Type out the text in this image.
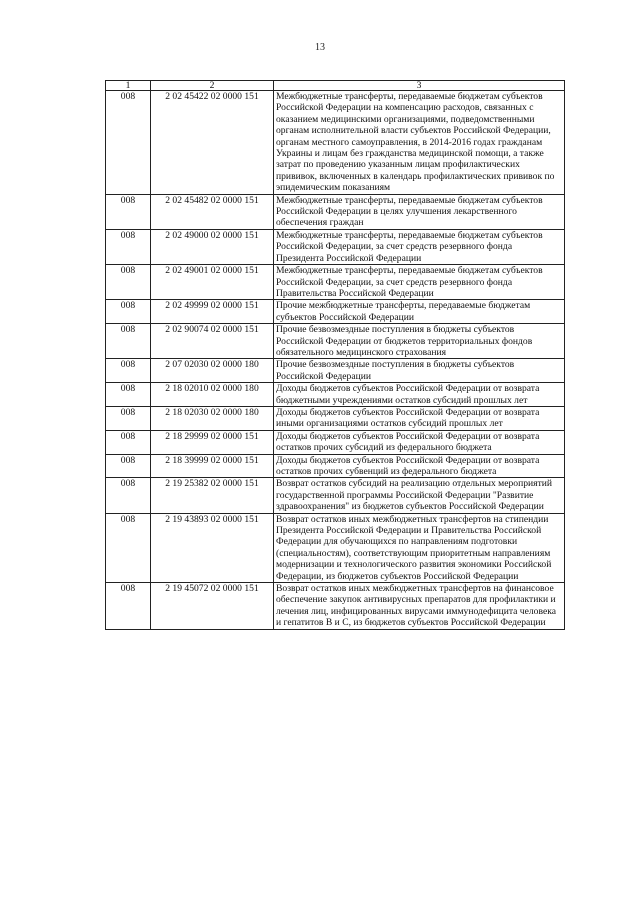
13
1	2	3
008	2 02 45422 02 0000 151	Межбюджетные трансферты, передаваемые бюджетам субъектов Российской Федерации на компенсацию расходов, связанных с оказанием медицинскими организациями, подведомственными органам исполнительной власти субъектов Российской Федерации, органам местного самоуправления, в 2014-2016 годах гражданам Украины и лицам без гражданства медицинской помощи, а также затрат по проведению указанным лицам профилактических прививок, включенных в календарь профилактических прививок по эпидемическим показаниям
008	2 02 45482 02 0000 151	Межбюджетные трансферты, передаваемые бюджетам субъектов Российской Федерации в целях улучшения лекарственного обеспечения граждан
008	2 02 49000 02 0000 151	Межбюджетные трансферты, передаваемые бюджетам субъектов Российской Федерации, за счет средств резервного фонда Президента Российской Федерации
008	2 02 49001 02 0000 151	Межбюджетные трансферты, передаваемые бюджетам субъектов Российской Федерации, за счет средств резервного фонда Правительства Российской Федерации
008	2 02 49999 02 0000 151	Прочие межбюджетные трансферты, передаваемые бюджетам субъектов Российской Федерации
008	2 02 90074 02 0000 151	Прочие безвозмездные поступления в бюджеты субъектов Российской Федерации от бюджетов территориальных фондов обязательного медицинского страхования
008	2 07 02030 02 0000 180	Прочие безвозмездные поступления в бюджеты субъектов Российской Федерации
008	2 18 02010 02 0000 180	Доходы бюджетов субъектов Российской Федерации от возврата бюджетными учреждениями остатков субсидий прошлых лет
008	2 18 02030 02 0000 180	Доходы бюджетов субъектов Российской Федерации от возврата иными организациями остатков субсидий прошлых лет
008	2 18 29999 02 0000 151	Доходы бюджетов субъектов Российской Федерации от возврата остатков прочих субсидий из федерального бюджета
008	2 18 39999 02 0000 151	Доходы бюджетов субъектов Российской Федерации от возврата остатков прочих субвенций из федерального бюджета
008	2 19 25382 02 0000 151	Возврат остатков субсидий на реализацию отдельных мероприятий государственной программы Российской Федерации "Развитие здравоохранения" из бюджетов субъектов Российской Федерации
008	2 19 43893 02 0000 151	Возврат остатков иных межбюджетных трансфертов на стипендии Президента Российской Федерации и Правительства Российской Федерации для обучающихся по направлениям подготовки (специальностям), соответствующим приоритетным направлениям модернизации и технологического развития экономики Российской Федерации, из бюджетов субъектов Российской Федерации
008	2 19 45072 02 0000 151	Возврат остатков иных межбюджетных трансфертов на финансовое обеспечение закупок антивирусных препаратов для профилактики и лечения лиц, инфицированных вирусами иммунодефицита человека и гепатитов В и С, из бюджетов субъектов Российской Федерации
